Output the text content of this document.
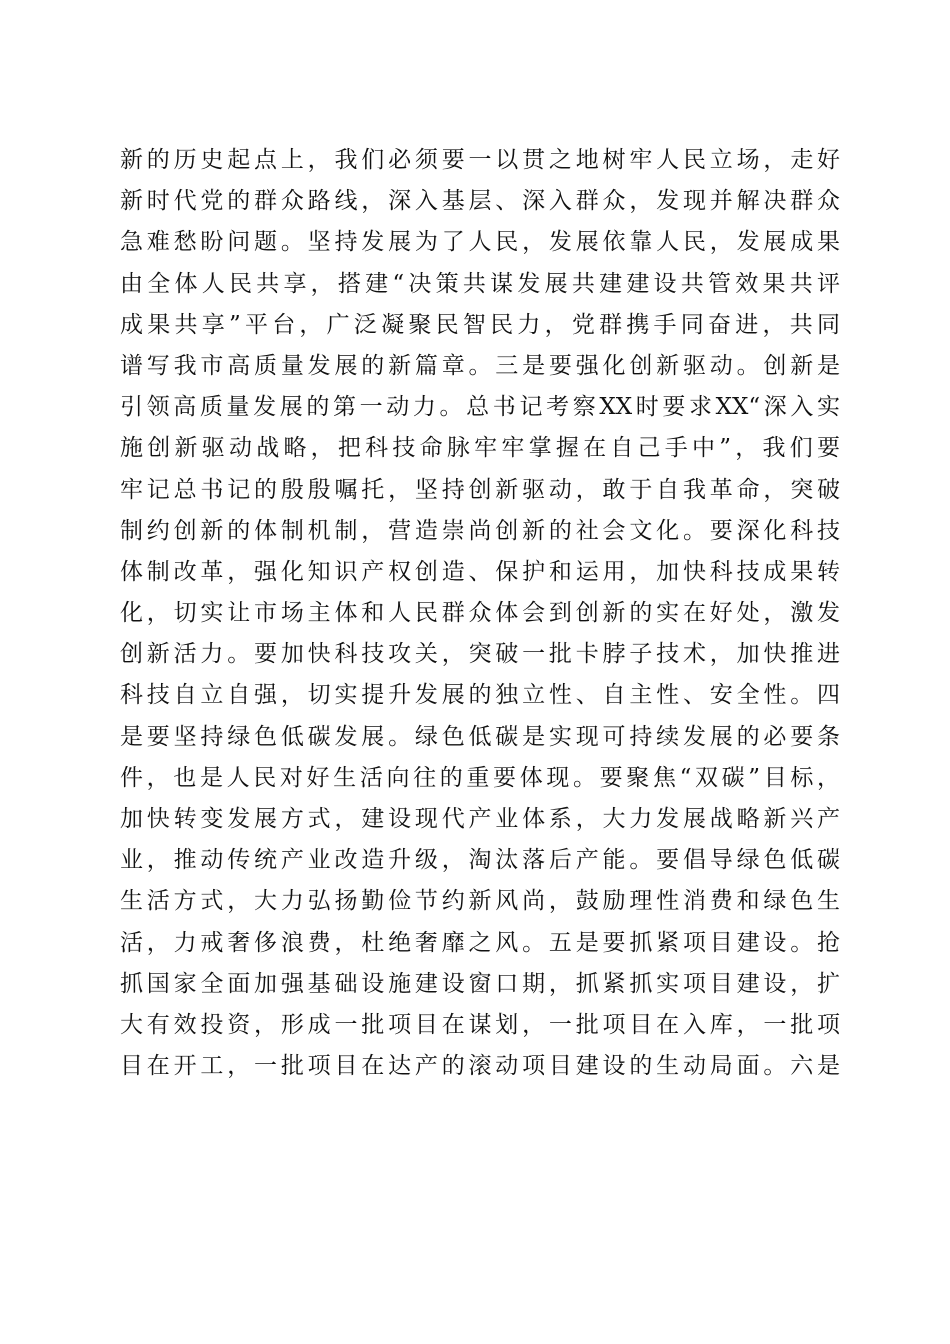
新的历史起点上，我们必须要一以贯之地树牢人民立场，走好
新时代党的群众路线，深入基层、深入群众，发现并解决群众
急难愁盼问题。坚持发展为了人民，发展依靠人民，发展成果
由全体人民共享，搭建“决策共谋发展共建建设共管效果共评
成果共享”平台，广泛凝聚民智民力，党群携手同奋进，共同
谱写我市高质量发展的新篇章。三是要强化创新驱动。创新是
引领高质量发展的第一动力。总书记考察XX时要求XX“深入实
施创新驱动战略，把科技命脉牢牢掌握在自己手中”，我们要
牢记总书记的殷殷嘱托，坚持创新驱动，敢于自我革命，突破
制约创新的体制机制，营造崇尚创新的社会文化。要深化科技
体制改革，强化知识产权创造、保护和运用，加快科技成果转
化，切实让市场主体和人民群众体会到创新的实在好处，激发
创新活力。要加快科技攻关，突破一批卡脖子技术，加快推进
科技自立自强，切实提升发展的独立性、自主性、安全性。四
是要坚持绿色低碳发展。绿色低碳是实现可持续发展的必要条
件，也是人民对好生活向往的重要体现。要聚焦“双碳”目标，
加快转变发展方式，建设现代产业体系，大力发展战略新兴产
业，推动传统产业改造升级，淘汰落后产能。要倡导绿色低碳
生活方式，大力弘扬勤俭节约新风尚，鼓励理性消费和绿色生
活，力戒奢侈浪费，杜绝奢靡之风。五是要抓紧项目建设。抢
抓国家全面加强基础设施建设窗口期，抓紧抓实项目建设，扩
大有效投资，形成一批项目在谋划，一批项目在入库，一批项
目在开工，一批项目在达产的滚动项目建设的生动局面。六是
